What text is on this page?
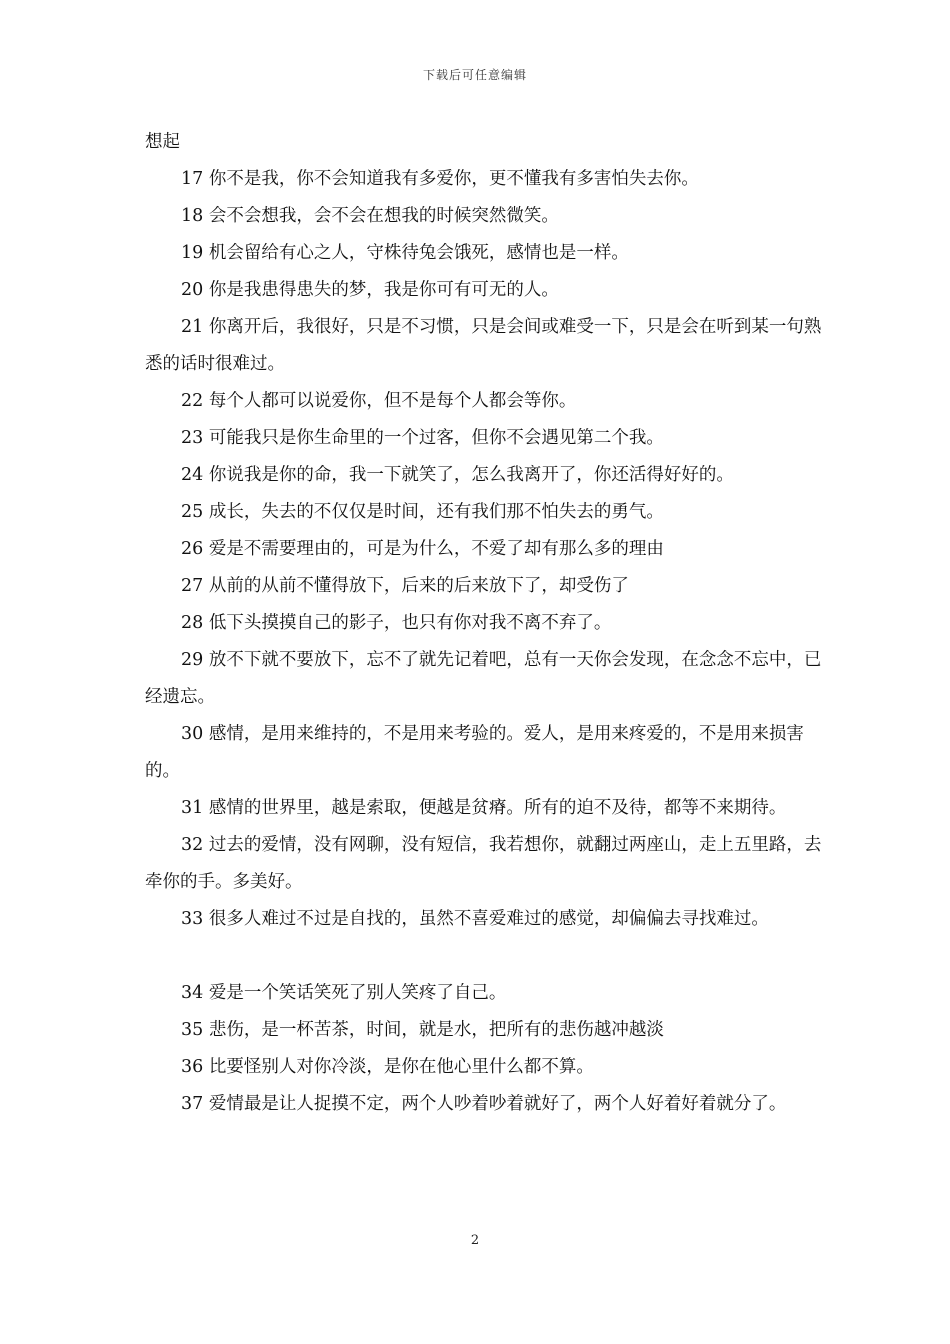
下载后可任意编辑

想起

17 你不是我，你不会知道我有多爱你，更不懂我有多害怕失去你。

18 会不会想我，会不会在想我的时候突然微笑。

19 机会留给有心之人，守株待兔会饿死，感情也是一样。

20 你是我患得患失的梦，我是你可有可无的人。

21 你离开后，我很好，只是不习惯，只是会间或难受一下，只是会在听到某一句熟悉的话时很难过。

22 每个人都可以说爱你，但不是每个人都会等你。

23 可能我只是你生命里的一个过客，但你不会遇见第二个我。

24 你说我是你的命，我一下就笑了，怎么我离开了，你还活得好好的。

25 成长，失去的不仅仅是时间，还有我们那不怕失去的勇气。

26 爱是不需要理由的，可是为什么，不爱了却有那么多的理由

27 从前的从前不懂得放下，后来的后来放下了，却受伤了

28 低下头摸摸自己的影子，也只有你对我不离不弃了。

29 放不下就不要放下，忘不了就先记着吧，总有一天你会发现，在念念不忘中，已经遗忘。

30 感情，是用来维持的，不是用来考验的。爱人，是用来疼爱的，不是用来损害的。

31 感情的世界里，越是索取，便越是贫瘠。所有的迫不及待，都等不来期待。

32 过去的爱情，没有网聊，没有短信，我若想你，就翻过两座山，走上五里路，去牵你的手。多美好。

33 很多人难过不过是自找的，虽然不喜爱难过的感觉，却偏偏去寻找难过。

34 爱是一个笑话笑死了别人笑疼了自己。

35 悲伤，是一杯苦茶，时间，就是水，把所有的悲伤越冲越淡

36 比要怪别人对你冷淡，是你在他心里什么都不算。

37 爱情最是让人捉摸不定，两个人吵着吵着就好了，两个人好着好着就分了。

2
